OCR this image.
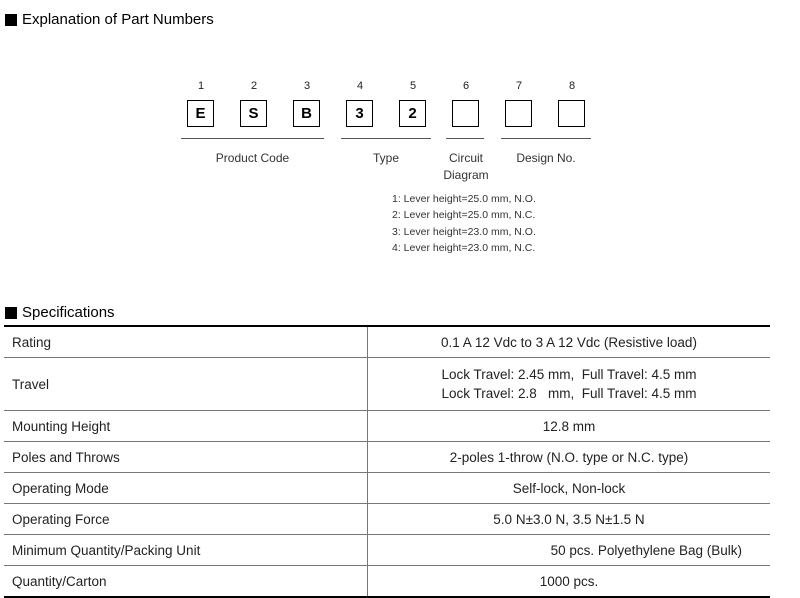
Explanation of Part Numbers
1	2	3	4	5	6	7	8
E	S	B	3	2
Product Code	Type	Circuit
Diagram
Design No.
1: Lever height=25.0 mm, N.O.
2: Lever height=25.0 mm, N.C.
3: Lever height=23.0 mm, N.O.
4: Lever height=23.0 mm, N.C.
Specifications
Rating	0.1 A 12 Vdc to 3 A 12 Vdc (Resistive load)
Travel	Lock Travel: 2.45 mm,  Full Travel: 4.5 mm
Lock Travel: 2.8   mm,  Full Travel: 4.5 mm

Mounting Height	12.8 mm
Poles and Throws	2-poles 1-throw (N.O. type or N.C. type)
Operating Mode	Self-lock, Non-lock
Operating Force	5.0 N±3.0 N, 3.5 N±1.5 N
Minimum Quantity/Packing Unit	50 pcs. Polyethylene Bag (Bulk)
Quantity/Carton	1000 pcs.
